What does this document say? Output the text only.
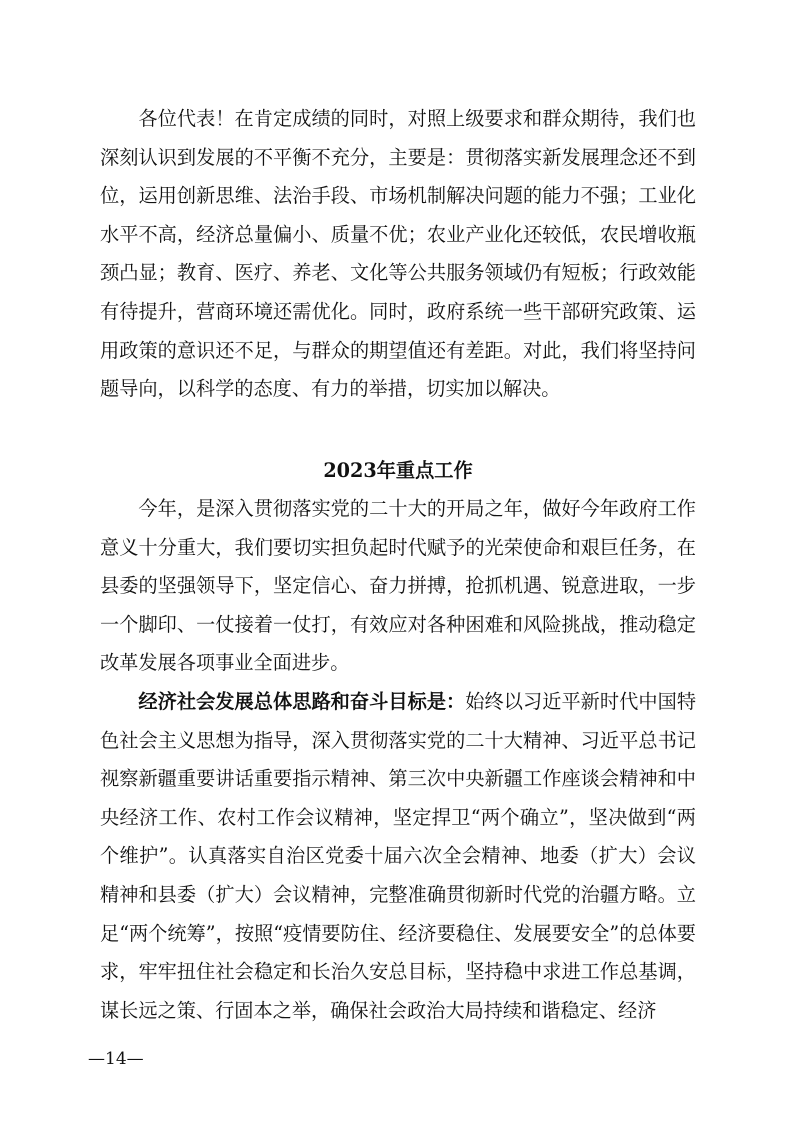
各位代表！在肯定成绩的同时，对照上级要求和群众期待，我们也深刻认识到发展的不平衡不充分，主要是：贯彻落实新发展理念还不到位，运用创新思维、法治手段、市场机制解决问题的能力不强；工业化水平不高，经济总量偏小、质量不优；农业产业化还较低，农民增收瓶颈凸显；教育、医疗、养老、文化等公共服务领域仍有短板；行政效能有待提升，营商环境还需优化。同时，政府系统一些干部研究政策、运用政策的意识还不足，与群众的期望值还有差距。对此，我们将坚持问题导向，以科学的态度、有力的举措，切实加以解决。

2023年重点工作

今年，是深入贯彻落实党的二十大的开局之年，做好今年政府工作意义十分重大，我们要切实担负起时代赋予的光荣使命和艰巨任务，在县委的坚强领导下，坚定信心、奋力拼搏，抢抓机遇、锐意进取，一步一个脚印、一仗接着一仗打，有效应对各种困难和风险挑战，推动稳定改革发展各项事业全面进步。

经济社会发展总体思路和奋斗目标是：始终以习近平新时代中国特色社会主义思想为指导，深入贯彻落实党的二十大精神、习近平总书记视察新疆重要讲话重要指示精神、第三次中央新疆工作座谈会精神和中央经济工作、农村工作会议精神，坚定捍卫“两个确立”，坚决做到“两个维护”。认真落实自治区党委十届六次全会精神、地委（扩大）会议精神和县委（扩大）会议精神，完整准确贯彻新时代党的治疆方略。立足“两个统筹”，按照“疫情要防住、经济要稳住、发展要安全”的总体要求，牢牢扭住社会稳定和长治久安总目标，坚持稳中求进工作总基调，谋长远之策、行固本之举，确保社会政治大局持续和谐稳定、经济

—14—
